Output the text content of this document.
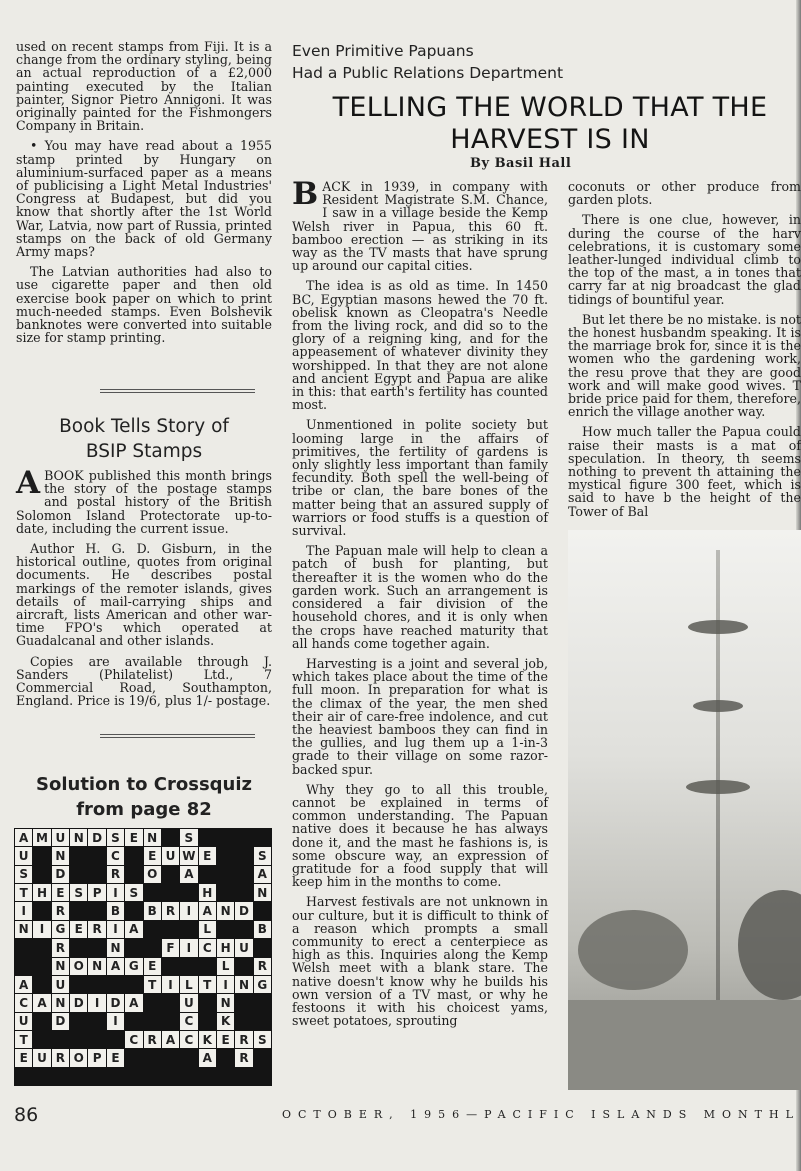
used on recent stamps from Fiji. It is a change from the ordinary styling, being an actual reproduction of a £2,000 painting executed by the Italian painter, Signor Pietro Annigoni. It was originally painted for the Fishmongers Company in Britain.

• You may have read about a 1955 stamp printed by Hungary on aluminium-surfaced paper as a means of publicising a Light Metal Industries' Congress at Budapest, but did you know that shortly after the 1st World War, Latvia, now part of Russia, printed stamps on the back of old Germany Army maps?

The Latvian authorities had also to use cigarette paper and then old exercise book paper on which to print much-needed stamps. Even Bolshevik banknotes were converted into suitable size for stamp printing.

Book Tells Story of
BSIP Stamps

ABOOK published this month brings the story of the postage stamps and postal history of the British Solomon Island Protectorate up-to-date, including the current issue.

Author H. G. D. Gisburn, in the historical outline, quotes from original documents. He describes postal markings of the remoter islands, gives details of mail-carrying ships and aircraft, lists American and other war-time FPO's which operated at Guadalcanal and other islands.

Copies are available through J. Sanders (Philatelist) Ltd., 7 Commercial Road, Southampton, England. Price is 19/6, plus 1/- postage.

Solution to Crossquiz
from page 82
A M U N D S E N	S
U	N	C	E U W E	S
S	D	R	O	A	A
T H E S P I S	H	N
I	R	B	B R I A N D
N I G E R I A	L	B
R	N	F	I C H U
N O N A G E	L	R
A	U	T	I	L T	I N G
C A N D I D A	U	N
U	D	I	C	K
T	C R A C K E R S
E U R O P E	A	R
Even Primitive Papuans
Had a Public Relations Department
TELLING THE WORLD THAT THE
HARVEST IS IN
By Basil Hall

BACK in 1939, in company with Resident Magistrate S.M. Chance, I saw in a village beside the Kemp Welsh river in Papua, this 60 ft. bamboo erection — as striking in its way as the TV masts that have sprung up around our capital cities.

The idea is as old as time. In 1450 BC, Egyptian masons hewed the 70 ft. obelisk known as Cleopatra's Needle from the living rock, and did so to the glory of a reigning king, and for the appeasement of whatever divinity they worshipped. In that they are not alone and ancient Egypt and Papua are alike in this: that earth's fertility has counted most.

Unmentioned in polite society but looming large in the affairs of primitives, the fertility of gardens is only slightly less important than family fecundity. Both spell the well-being of tribe or clan, the bare bones of the matter being that an assured supply of warriors or food stuffs is a question of survival.

The Papuan male will help to clean a patch of bush for planting, but thereafter it is the women who do the garden work. Such an arrangement is considered a fair division of the household chores, and it is only when the crops have reached maturity that all hands come together again.

Harvesting is a joint and several job, which takes place about the time of the full moon. In preparation for what is the climax of the year, the men shed their air of care-free indolence, and cut the heaviest bamboos they can find in the gullies, and lug them up a 1-in-3 grade to their village on some razor-backed spur.

Why they go to all this trouble, cannot be explained in terms of common understanding. The Papuan native does it because he has always done it, and the mast he fashions is, is some obscure way, an expression of gratitude for a food supply that will keep him in the months to come.

Harvest festivals are not unknown in our culture, but it is difficult to think of a reason which prompts a small community to erect a centerpiece as high as this. Inquiries along the Kemp Welsh meet with a blank stare. The native doesn't know why he builds his own version of a TV mast, or why he festoons it with his choicest yams, sweet potatoes, sprouting

coconuts or other produce from garden plots.

There is one clue, however, in during the course of the harv celebrations, it is customary some leather-lunged individual climb to the top of the mast, a in tones that carry far at nig broadcast the glad tidings of bountiful year.

But let there be no mistake. is not the honest husbandm speaking. It is the marriage brok for, since it is the women who the gardening work, the resu prove that they are good work and will make good wives. T bride price paid for them, therefore, enrich the village another way.

How much taller the Papua could raise their masts is a mat of speculation. In theory, th seems nothing to prevent th attaining the mystical figure 300 feet, which is said to have b the height of the Tower of Bal

86	OCTOBER, 1956—PACIFIC ISLANDS MONTHL
